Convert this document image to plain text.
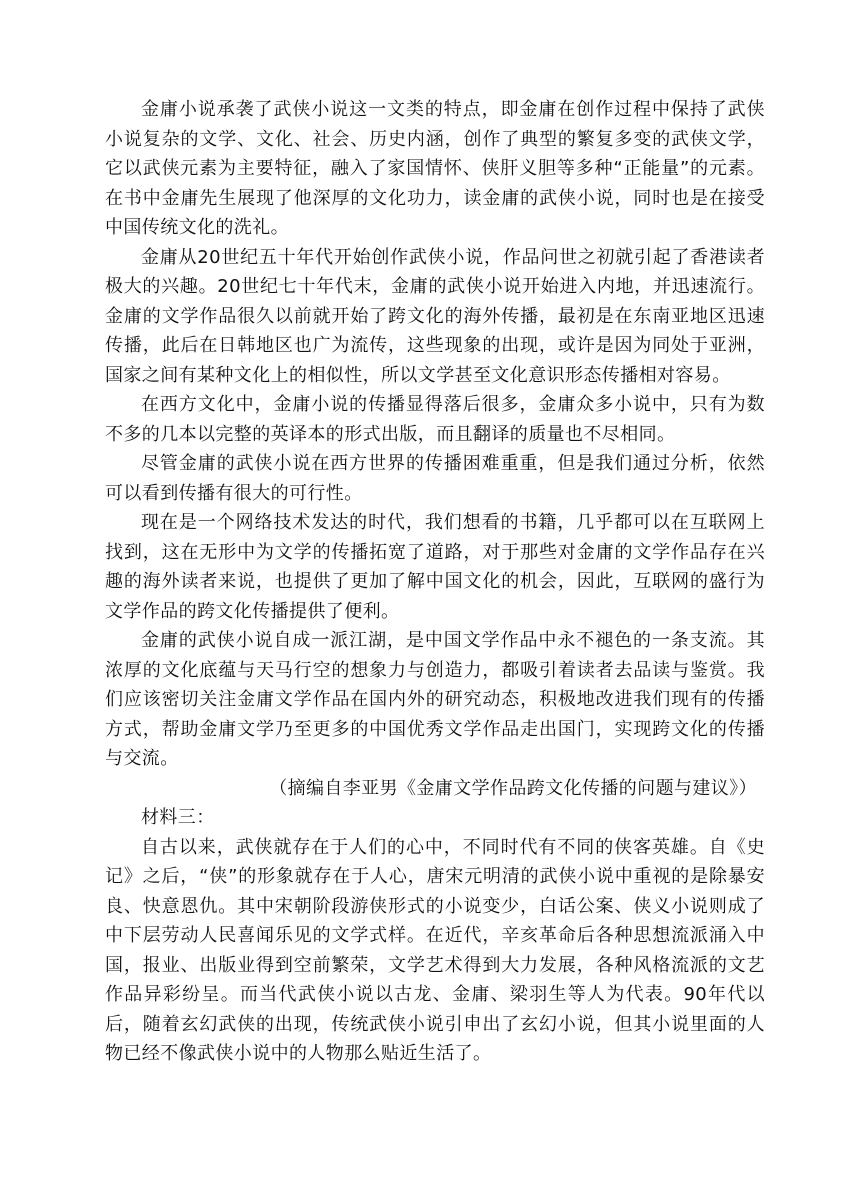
金庸小说承袭了武侠小说这一文类的特点，即金庸在创作过程中保持了武侠小说复杂的文学、文化、社会、历史内涵，创作了典型的繁复多变的武侠文学，它以武侠元素为主要特征，融入了家国情怀、侠肝义胆等多种“正能量”的元素。在书中金庸先生展现了他深厚的文化功力，读金庸的武侠小说，同时也是在接受中国传统文化的洗礼。

金庸从20世纪五十年代开始创作武侠小说，作品问世之初就引起了香港读者极大的兴趣。20世纪七十年代末，金庸的武侠小说开始进入内地，并迅速流行。金庸的文学作品很久以前就开始了跨文化的海外传播，最初是在东南亚地区迅速传播，此后在日韩地区也广为流传，这些现象的出现，或许是因为同处于亚洲，国家之间有某种文化上的相似性，所以文学甚至文化意识形态传播相对容易。

在西方文化中，金庸小说的传播显得落后很多，金庸众多小说中，只有为数不多的几本以完整的英译本的形式出版，而且翻译的质量也不尽相同。

尽管金庸的武侠小说在西方世界的传播困难重重，但是我们通过分析，依然可以看到传播有很大的可行性。

现在是一个网络技术发达的时代，我们想看的书籍，几乎都可以在互联网上找到，这在无形中为文学的传播拓宽了道路，对于那些对金庸的文学作品存在兴趣的海外读者来说，也提供了更加了解中国文化的机会，因此，互联网的盛行为文学作品的跨文化传播提供了便利。

金庸的武侠小说自成一派江湖，是中国文学作品中永不褪色的一条支流。其浓厚的文化底蕴与天马行空的想象力与创造力，都吸引着读者去品读与鉴赏。我们应该密切关注金庸文学作品在国内外的研究动态，积极地改进我们现有的传播方式，帮助金庸文学乃至更多的中国优秀文学作品走出国门，实现跨文化的传播与交流。

（摘编自李亚男《金庸文学作品跨文化传播的问题与建议》）

材料三：

自古以来，武侠就存在于人们的心中，不同时代有不同的侠客英雄。自《史记》之后，“侠”的形象就存在于人心，唐宋元明清的武侠小说中重视的是除暴安良、快意恩仇。其中宋朝阶段游侠形式的小说变少，白话公案、侠义小说则成了中下层劳动人民喜闻乐见的文学式样。在近代，辛亥革命后各种思想流派涌入中国，报业、出版业得到空前繁荣，文学艺术得到大力发展，各种风格流派的文艺作品异彩纷呈。而当代武侠小说以古龙、金庸、梁羽生等人为代表。90年代以后，随着玄幻武侠的出现，传统武侠小说引申出了玄幻小说，但其小说里面的人物已经不像武侠小说中的人物那么贴近生活了。
